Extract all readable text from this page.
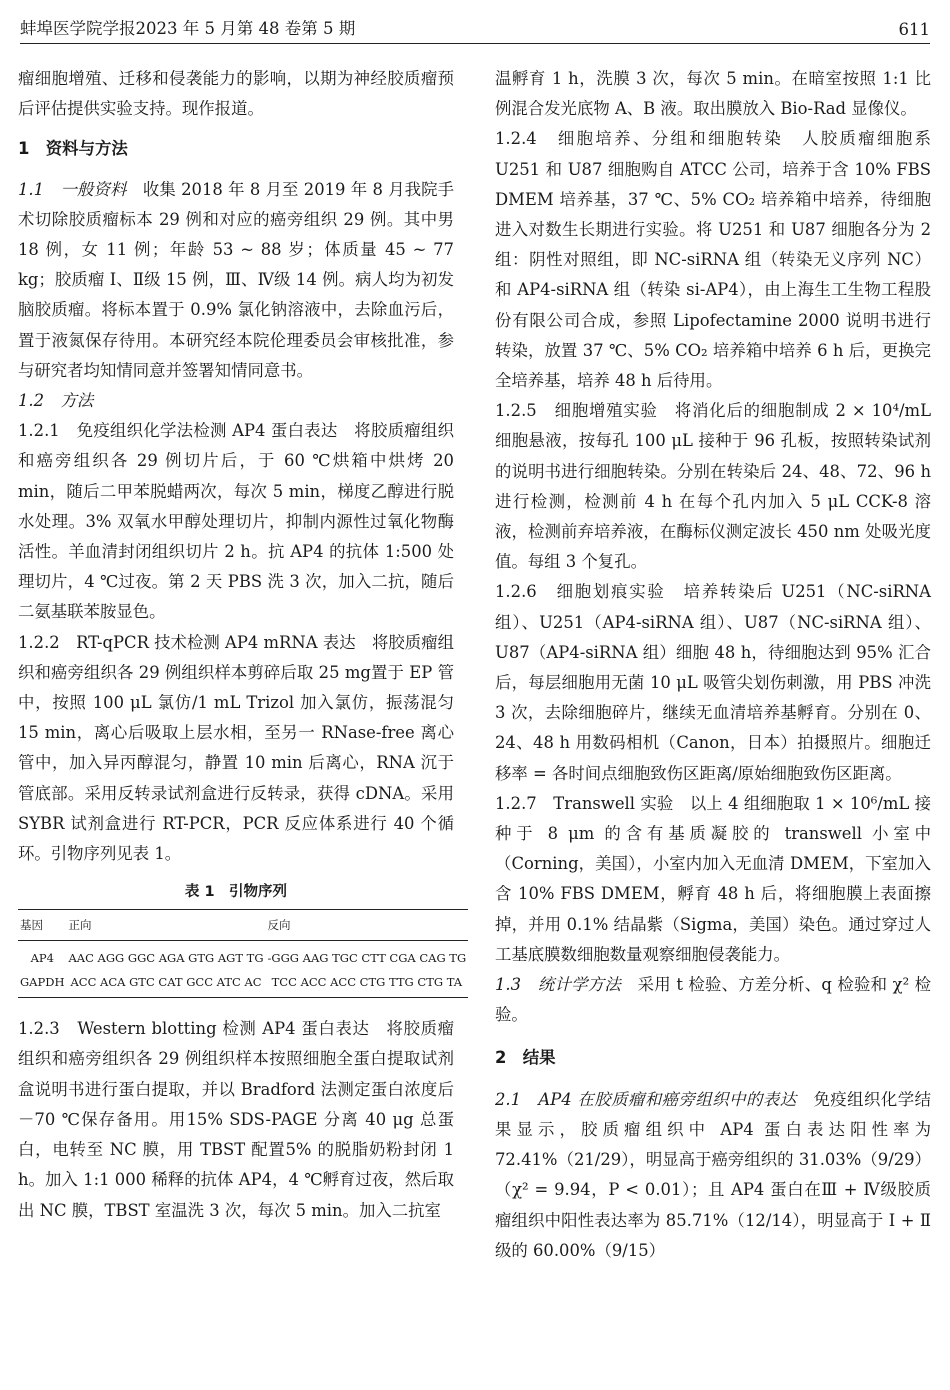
蚌埠医学院学报2023 年 5 月第 48 卷第 5 期	611

瘤细胞增殖、迁移和侵袭能力的影响，以期为神经胶质瘤预后评估提供实验支持。现作报道。

1　资料与方法

1.1　一般资料　收集 2018 年 8 月至 2019 年 8 月我院手术切除胶质瘤标本 29 例和对应的癌旁组织 29 例。其中男 18 例，女 11 例；年龄 53 ~ 88 岁；体质量 45 ~ 77 kg；胶质瘤 Ⅰ、Ⅱ级 15 例，Ⅲ、Ⅳ级 14 例。病人均为初发脑胶质瘤。将标本置于 0.9% 氯化钠溶液中，去除血污后，置于液氮保存待用。本研究经本院伦理委员会审核批准，参与研究者均知情同意并签署知情同意书。

1.2　方法

1.2.1　免疫组织化学法检测 AP4 蛋白表达　将胶质瘤组织和癌旁组织各 29 例切片后，于 60 ℃烘箱中烘烤 20 min，随后二甲苯脱蜡两次，每次 5 min，梯度乙醇进行脱水处理。3% 双氧水甲醇处理切片，抑制内源性过氧化物酶活性。羊血清封闭组织切片 2 h。抗 AP4 的抗体 1:500 处理切片，4 ℃过夜。第 2 天 PBS 洗 3 次，加入二抗，随后二氨基联苯胺显色。

1.2.2　RT-qPCR 技术检测 AP4 mRNA 表达　将胶质瘤组织和癌旁组织各 29 例组织样本剪碎后取 25 mg置于 EP 管中，按照 100 μL 氯仿/1 mL Trizol 加入氯仿，振荡混匀 15 min，离心后吸取上层水相，至另一 RNase-free 离心管中，加入异丙醇混匀，静置 10 min 后离心，RNA 沉于管底部。采用反转录试剂盒进行反转录，获得 cDNA。采用 SYBR 试剂盒进行 RT-PCR，PCR 反应体系进行 40 个循环。引物序列见表 1。

表 1　引物序列
基因	正向	反向
AP4	AAC AGG GGC AGA GTG AGT TG	-GGG AAG TGC CTT CGA CAG TG
GAPDH	ACC ACA GTC CAT GCC ATC AC	TCC ACC ACC CTG TTG CTG TA

1.2.3　Western blotting 检测 AP4 蛋白表达　将胶质瘤组织和癌旁组织各 29 例组织样本按照细胞全蛋白提取试剂盒说明书进行蛋白提取，并以 Bradford 法测定蛋白浓度后 －70 ℃保存备用。用15% SDS-PAGE 分离 40 μg 总蛋白，电转至 NC 膜，用 TBST 配置5% 的脱脂奶粉封闭 1 h。加入 1:1 000 稀释的抗体 AP4，4 ℃孵育过夜，然后取出 NC 膜，TBST 室温洗 3 次，每次 5 min。加入二抗室

温孵育 1 h，洗膜 3 次，每次 5 min。在暗室按照 1:1 比例混合发光底物 A、B 液。取出膜放入 Bio-Rad 显像仪。

1.2.4　细胞培养、分组和细胞转染　人胶质瘤细胞系 U251 和 U87 细胞购自 ATCC 公司，培养于含 10% FBS DMEM 培养基，37 ℃、5% CO₂ 培养箱中培养，待细胞进入对数生长期进行实验。将 U251 和 U87 细胞各分为 2 组：阴性对照组，即 NC-siRNA 组（转染无义序列 NC）和 AP4-siRNA 组（转染 si-AP4），由上海生工生物工程股份有限公司合成，参照 Lipofectamine 2000 说明书进行转染，放置 37 ℃、5% CO₂ 培养箱中培养 6 h 后，更换完全培养基，培养 48 h 后待用。

1.2.5　细胞增殖实验　将消化后的细胞制成 2 × 10⁴/mL 细胞悬液，按每孔 100 μL 接种于 96 孔板，按照转染试剂的说明书进行细胞转染。分别在转染后 24、48、72、96 h 进行检测，检测前 4 h 在每个孔内加入 5 μL CCK-8 溶液，检测前弃培养液，在酶标仪测定波长 450 nm 处吸光度值。每组 3 个复孔。

1.2.6　细胞划痕实验　培养转染后 U251（NC-siRNA 组）、U251（AP4-siRNA 组）、U87（NC-siRNA 组）、U87（AP4-siRNA 组）细胞 48 h，待细胞达到 95% 汇合后，每层细胞用无菌 10 μL 吸管尖划伤刺激，用 PBS 冲洗 3 次，去除细胞碎片，继续无血清培养基孵育。分别在 0、24、48 h 用数码相机（Canon，日本）拍摄照片。细胞迁移率 = 各时间点细胞致伤区距离/原始细胞致伤区距离。

1.2.7　Transwell 实验　以上 4 组细胞取 1 × 10⁶/mL 接种于 8 μm 的含有基质凝胶的 transwell 小室中（Corning，美国），小室内加入无血清 DMEM，下室加入含 10% FBS DMEM，孵育 48 h 后，将细胞膜上表面擦掉，并用 0.1% 结晶紫（Sigma，美国）染色。通过穿过人工基底膜数细胞数量观察细胞侵袭能力。

1.3　统计学方法　采用 t 检验、方差分析、q 检验和 χ² 检验。

2　结果

2.1　AP4 在胶质瘤和癌旁组织中的表达　免疫组织化学结果显示，胶质瘤组织中 AP4 蛋白表达阳性率为 72.41%（21/29），明显高于癌旁组织的 31.03%（9/29）（χ² = 9.94，P < 0.01）；且 AP4 蛋白在Ⅲ + Ⅳ级胶质瘤组织中阳性表达率为 85.71%（12/14），明显高于 Ⅰ + Ⅱ 级的 60.00%（9/15）
